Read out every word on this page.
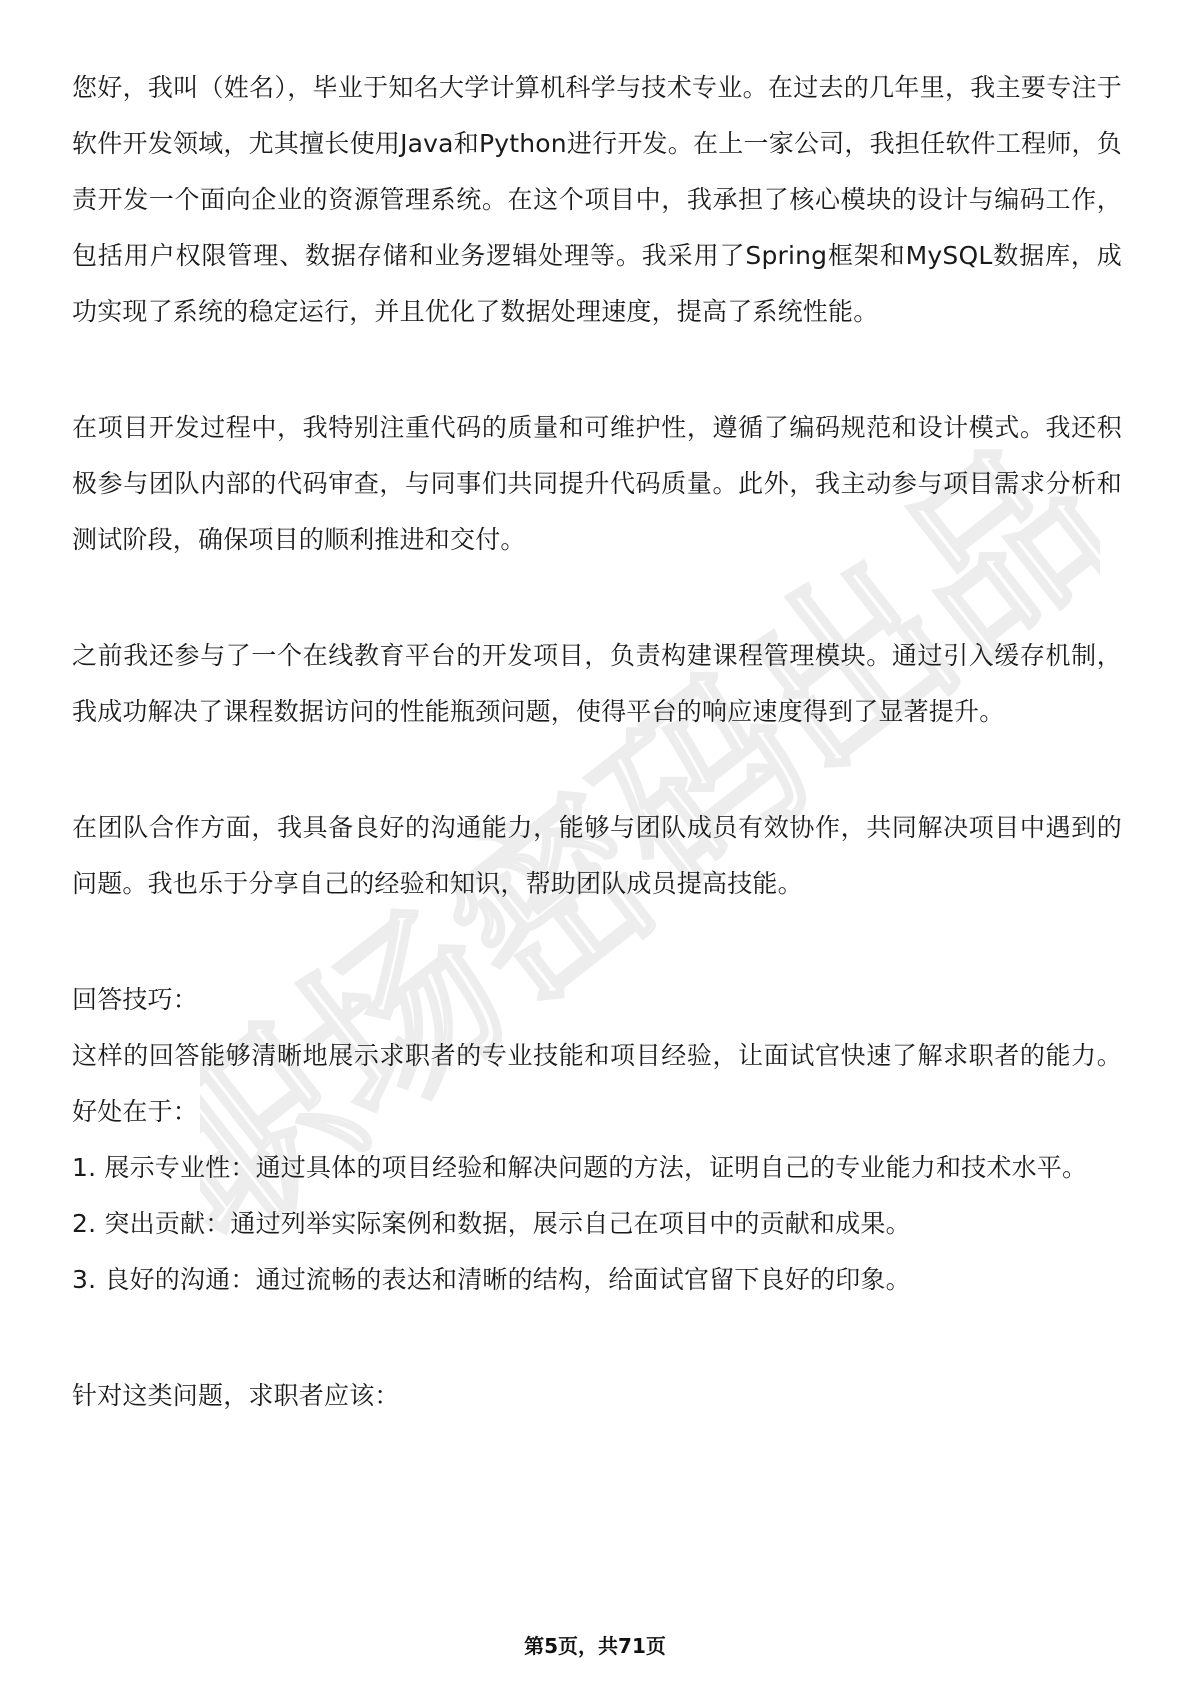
职场密码出品

您好，我叫（姓名），毕业于知名大学计算机科学与技术专业。在过去的几年里，我主要专注于软件开发领域，尤其擅长使用Java和Python进行开发。在上一家公司，我担任软件工程师，负责开发一个面向企业的资源管理系统。在这个项目中，我承担了核心模块的设计与编码工作，包括用户权限管理、数据存储和业务逻辑处理等。我采用了Spring框架和MySQL数据库，成功实现了系统的稳定运行，并且优化了数据处理速度，提高了系统性能。

在项目开发过程中，我特别注重代码的质量和可维护性，遵循了编码规范和设计模式。我还积极参与团队内部的代码审查，与同事们共同提升代码质量。此外，我主动参与项目需求分析和测试阶段，确保项目的顺利推进和交付。

之前我还参与了一个在线教育平台的开发项目，负责构建课程管理模块。通过引入缓存机制，我成功解决了课程数据访问的性能瓶颈问题，使得平台的响应速度得到了显著提升。

在团队合作方面，我具备良好的沟通能力，能够与团队成员有效协作，共同解决项目中遇到的问题。我也乐于分享自己的经验和知识，帮助团队成员提高技能。

回答技巧：

这样的回答能够清晰地展示求职者的专业技能和项目经验，让面试官快速了解求职者的能力。好处在于：

1. 展示专业性：通过具体的项目经验和解决问题的方法，证明自己的专业能力和技术水平。

2. 突出贡献：通过列举实际案例和数据，展示自己在项目中的贡献和成果。

3. 良好的沟通：通过流畅的表达和清晰的结构，给面试官留下良好的印象。

针对这类问题，求职者应该：

第5页，共71页
